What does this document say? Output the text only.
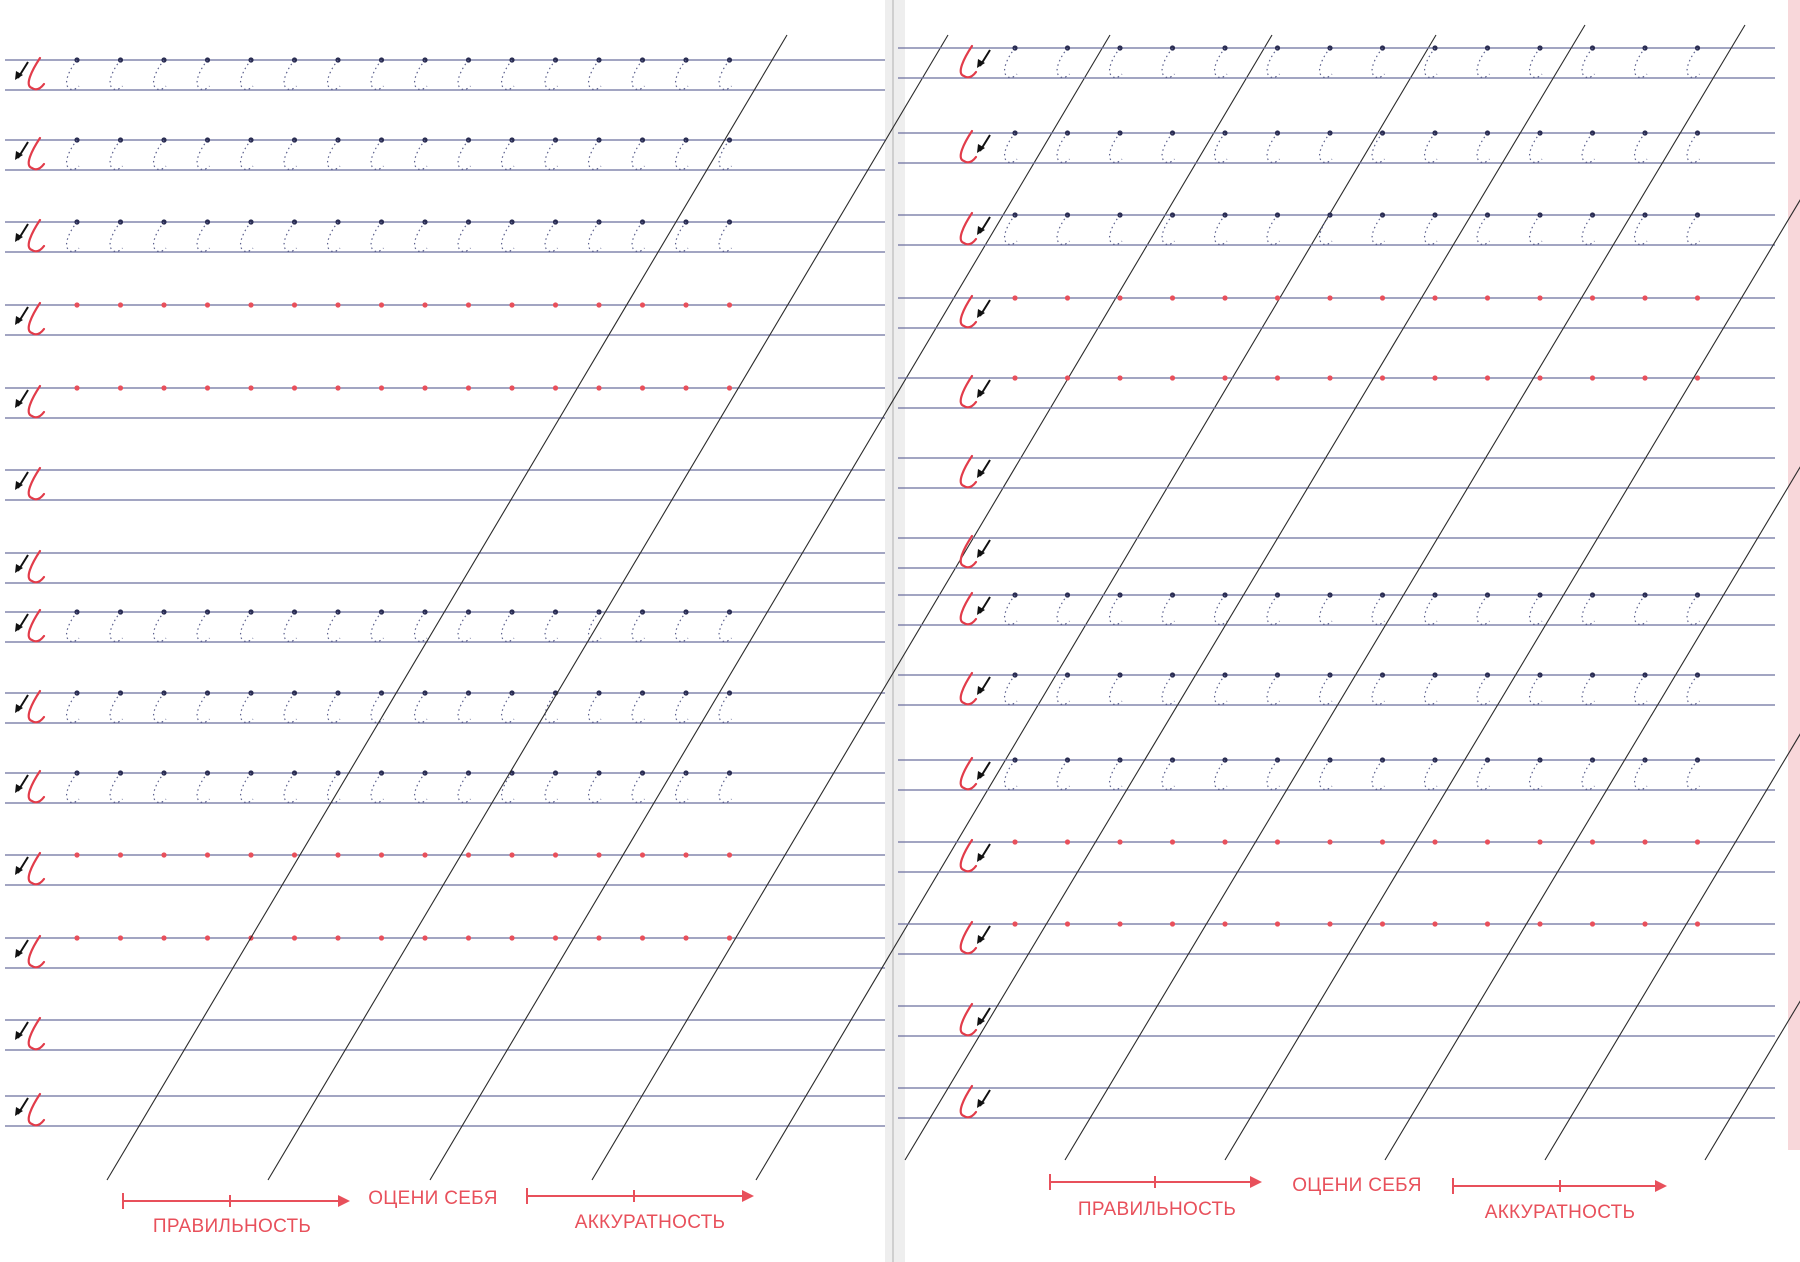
ПРАВИЛЬНОСТЬ
ОЦЕНИ СЕБЯ
АККУРАТНОСТЬ
ПРАВИЛЬНОСТЬ
ОЦЕНИ СЕБЯ
АККУРАТНОСТЬ
